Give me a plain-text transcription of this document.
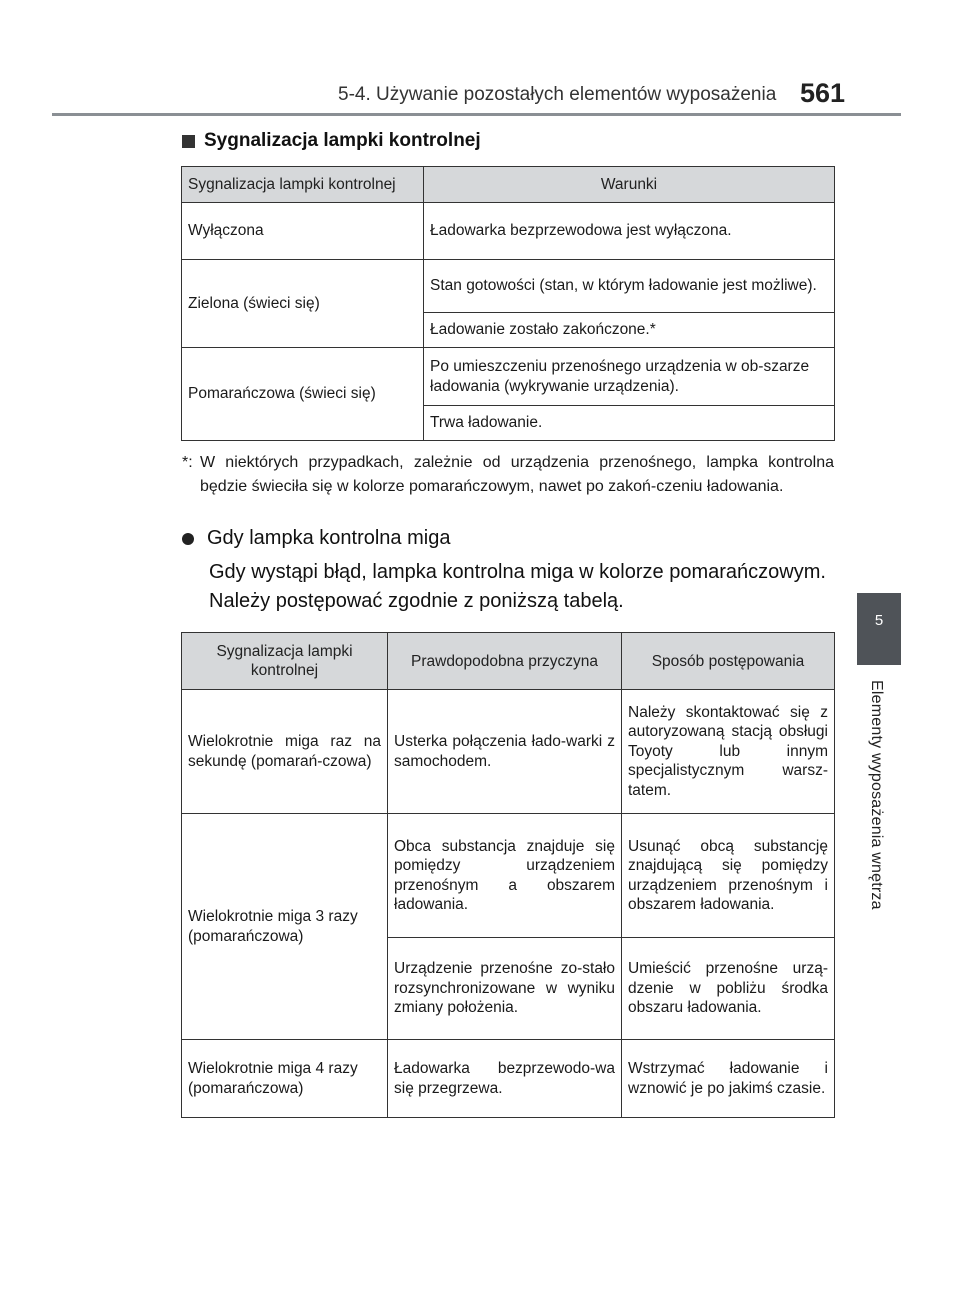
5-4. Używanie pozostałych elementów wyposażenia 561
5
Elementy wyposażenia wnętrza
Sygnalizacja lampki kontrolnej
Sygnalizacja lampki kontrolnej	Warunki
Wyłączona	Ładowarka bezprzewodowa jest wyłączona.
Zielona (świeci się)	Stan gotowości (stan, w którym ładowanie jest możliwe).
	Ładowanie zostało zakończone.*
Pomarańczowa (świeci się)	Po umieszczeniu przenośnego urządzenia w ob-szarze ładowania (wykrywanie urządzenia).
	Trwa ładowanie.
*: W niektórych przypadkach, zależnie od urządzenia przenośnego, lampka kontrolna będzie świeciła się w kolorze pomarańczowym, nawet po zakoń-czeniu ładowania.
Gdy lampka kontrolna miga
Gdy wystąpi błąd, lampka kontrolna miga w kolorze pomarańczowym. Należy postępować zgodnie z poniższą tabelą.
Sygnalizacja lampki kontrolnej	Prawdopodobna przyczyna	Sposób postępowania
Wielokrotnie miga raz na sekundę (pomarań-czowa)	Usterka połączenia łado-warki z samochodem.	Należy skontaktować się z autoryzowaną stacją obsługi Toyoty lub innym specjalistycznym warsz-tatem.
Wielokrotnie miga 3 razy (pomarańczowa)	Obca substancja znajduje się pomiędzy urządzeniem przenośnym a obszarem ładowania.	Usunąć obcą substancję znajdującą się pomiędzy urządzeniem przenośnym i obszarem ładowania.
	Urządzenie przenośne zo-stało rozsynchronizowane w wyniku zmiany położenia.	Umieścić przenośne urzą-dzenie w pobliżu środka obszaru ładowania.
Wielokrotnie miga 4 razy (pomarańczowa)	Ładowarka bezprzewodo-wa się przegrzewa.	Wstrzymać ładowanie i wznowić je po jakimś czasie.
